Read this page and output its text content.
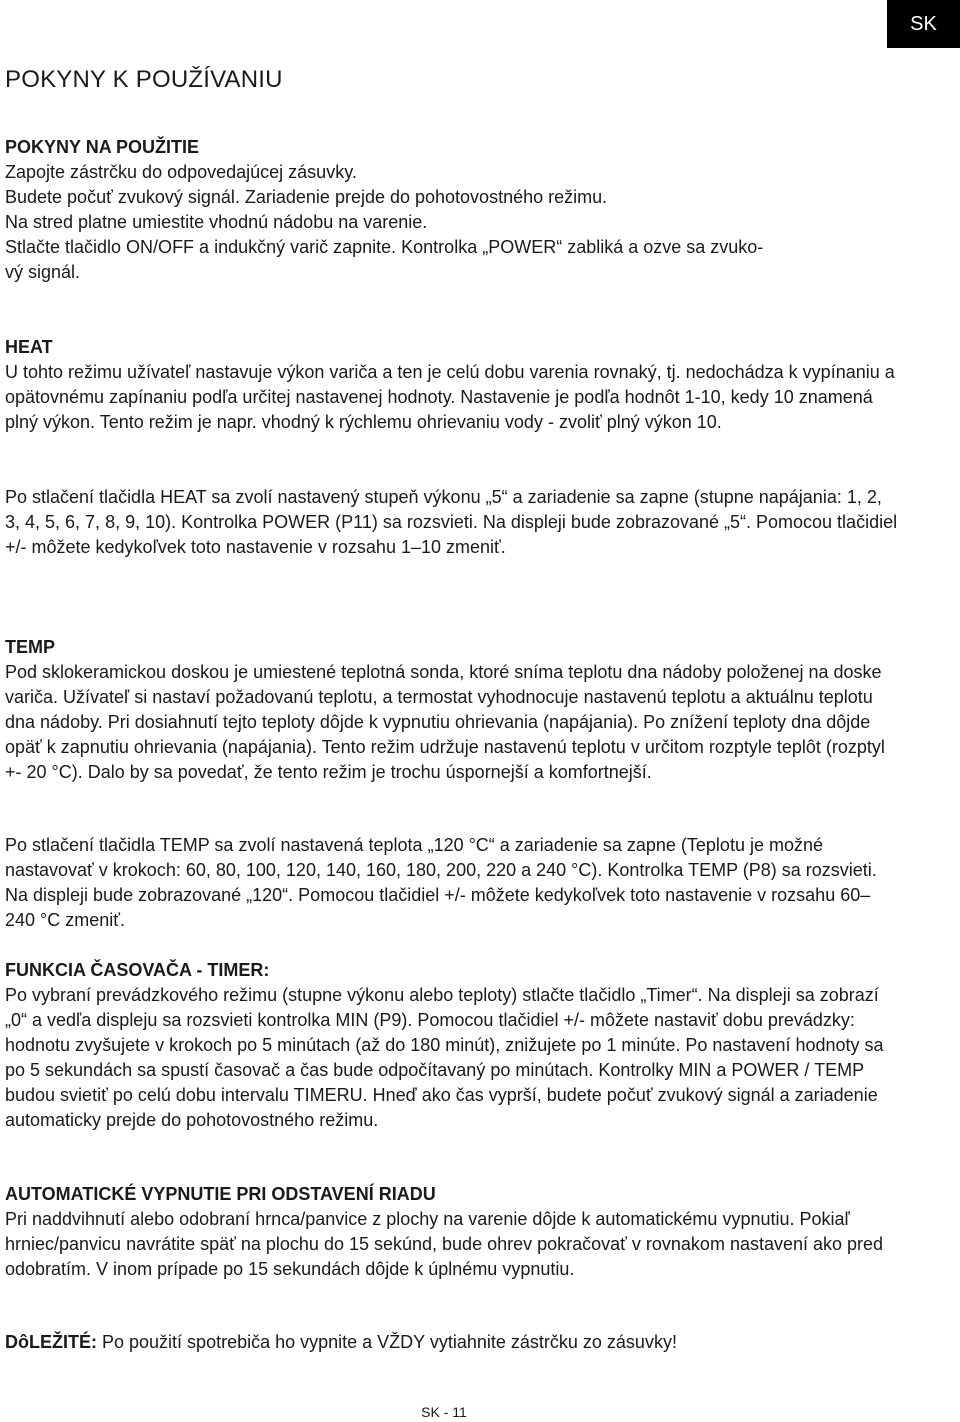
SK
POKYNY K POUŽÍVANIU
POKYNY NA POUŽITIE
Zapojte zástrčku do odpovedajúcej zásuvky.
Budete počuť zvukový signál. Zariadenie prejde do pohotovostného režimu.
Na stred platne umiestite vhodnú nádobu na varenie.
Stlačte tlačidlo ON/OFF a indukčný varič zapnite. Kontrolka „POWER“ zabliká a ozve sa zvuko-
vý signál.
HEAT

U tohto režimu užívateľ nastavuje výkon variča a ten je celú dobu varenia rovnaký, tj. nedochádza k vypínaniu a opätovnému zapínaniu podľa určitej nastavenej hodnoty. Nastavenie je podľa hodnôt 1-10, kedy 10 znamená plný výkon. Tento režim je napr. vhodný k rýchlemu ohrievaniu vody - zvoliť plný výkon 10.

Po stlačení tlačidla HEAT sa zvolí nastavený stupeň výkonu „5“ a zariadenie sa zapne (stupne napájania: 1, 2, 3, 4, 5, 6, 7, 8, 9, 10). Kontrolka POWER (P11) sa rozsvieti. Na displeji bude zobrazované „5“. Pomocou tlačidiel +/- môžete kedykoľvek toto nastavenie v rozsahu 1–10 zmeniť.

TEMP

Pod sklokeramickou doskou je umiestené teplotná sonda, ktoré sníma teplotu dna nádoby položenej na doske variča. Užívateľ si nastaví požadovanú teplotu, a termostat vyhodnocuje nastavenú teplotu a aktuálnu teplotu dna nádoby. Pri dosiahnutí tejto teploty dôjde k vypnutiu ohrievania (napájania). Po znížení teploty dna dôjde opäť k zapnutiu ohrievania (napájania). Tento režim udržuje nastavenú teplotu v určitom rozptyle teplôt (rozptyl +- 20 °C). Dalo by sa povedať, že tento režim je trochu úspornejší a komfortnejší.

Po stlačení tlačidla TEMP sa zvolí nastavená teplota „120 °C“ a zariadenie sa zapne (Teplotu je možné nastavovať v krokoch: 60, 80, 100, 120, 140, 160, 180, 200, 220 a 240 °C). Kontrolka TEMP (P8) sa rozsvieti. Na displeji bude zobrazované „120“. Pomocou tlačidiel +/- môžete kedykoľvek toto nastavenie v rozsahu 60–240 °C zmeniť.

FUNKCIA ČASOVAČA - TIMER:

Po vybraní prevádzkového režimu (stupne výkonu alebo teploty) stlačte tlačidlo „Timer“. Na displeji sa zobrazí „0“ a vedľa displeju sa rozsvieti kontrolka MIN (P9). Pomocou tlačidiel +/- môžete nastaviť dobu prevádzky: hodnotu zvyšujete v krokoch po 5 minútach (až do 180 minút), znižujete po 1 minúte. Po nastavení hodnoty sa po 5 sekundách sa spustí časovač a čas bude odpočítavaný po minútach. Kontrolky MIN a POWER / TEMP budou svietiť po celú dobu intervalu TIMERU. Hneď ako čas vyprší, budete počuť zvukový signál a zariadenie automaticky prejde do pohotovostného režimu.

AUTOMATICKÉ VYPNUTIE PRI ODSTAVENÍ RIADU

Pri naddvihnutí alebo odobraní hrnca/panvice z plochy na varenie dôjde k automatickému vypnutiu. Pokiaľ hrniec/panvicu navrátite späť na plochu do 15 sekúnd, bude ohrev pokračovať v rovnakom nastavení ako pred odobratím. V inom prípade po 15 sekundách dôjde k úplnému vypnutiu.

DôLEŽITÉ: Po použití spotrebiča ho vypnite a VŽDY vytiahnite zástrčku zo zásuvky!
SK - 11
